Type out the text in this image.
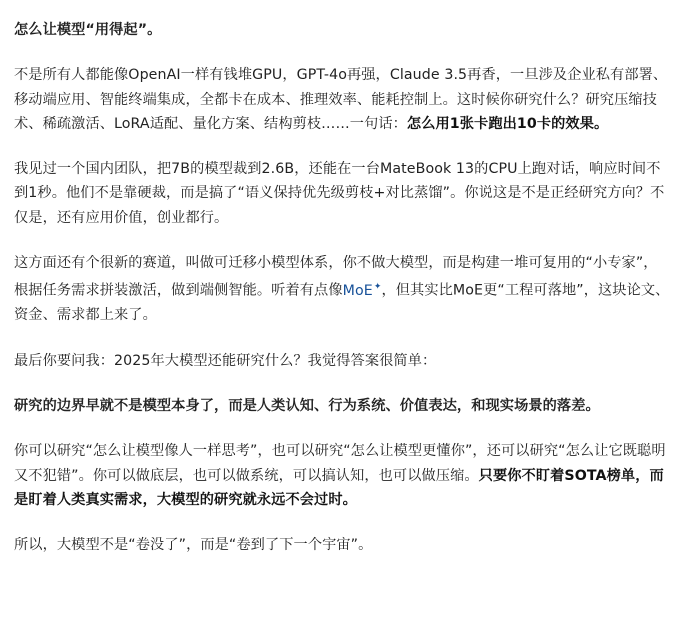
怎么让模型“用得起”。

不是所有人都能像OpenAI一样有钱堆GPU，GPT-4o再强，Claude 3.5再香，一旦涉及企业私有部署、移动端应用、智能终端集成，全都卡在成本、推理效率、能耗控制上。这时候你研究什么？研究压缩技术、稀疏激活、LoRA适配、量化方案、结构剪枝……一句话：怎么用1张卡跑出10卡的效果。

我见过一个国内团队，把7B的模型裁到2.6B，还能在一台MateBook 13的CPU上跑对话，响应时间不到1秒。他们不是靠硬裁，而是搞了“语义保持优先级剪枝+对比蒸馏”。你说这是不是正经研究方向？不仅是，还有应用价值，创业都行。

这方面还有个很新的赛道，叫做可迁移小模型体系，你不做大模型，而是构建一堆可复用的“小专家”，根据任务需求拼装激活，做到端侧智能。听着有点像MoE✦，但其实比MoE更“工程可落地”，这块论文、资金、需求都上来了。

最后你要问我：2025年大模型还能研究什么？我觉得答案很简单：

研究的边界早就不是模型本身了，而是人类认知、行为系统、价值表达，和现实场景的落差。

你可以研究“怎么让模型像人一样思考”，也可以研究“怎么让模型更懂你”，还可以研究“怎么让它既聪明又不犯错”。你可以做底层，也可以做系统，可以搞认知，也可以做压缩。只要你不盯着SOTA榜单，而是盯着人类真实需求，大模型的研究就永远不会过时。

所以，大模型不是“卷没了”，而是“卷到了下一个宇宙”。
